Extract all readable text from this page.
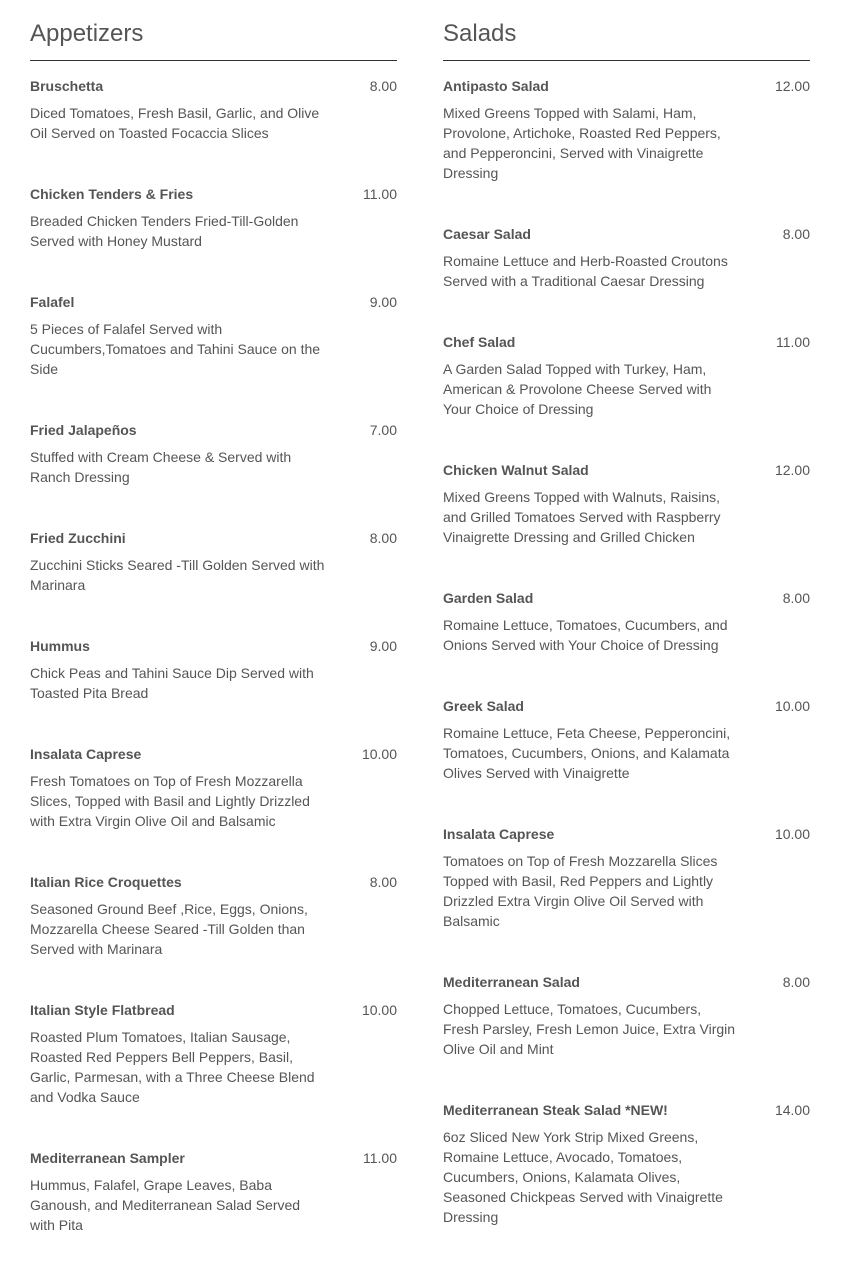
Appetizers
Bruschetta	8.00
Diced Tomatoes, Fresh Basil, Garlic, and Olive Oil Served on Toasted Focaccia Slices
Chicken Tenders & Fries	11.00
Breaded Chicken Tenders Fried-Till-Golden Served with Honey Mustard
Falafel	9.00
5 Pieces of Falafel Served with Cucumbers,Tomatoes and Tahini Sauce on the Side
Fried Jalapeños	7.00
Stuffed with Cream Cheese & Served with Ranch Dressing
Fried Zucchini	8.00
Zucchini Sticks Seared -Till Golden Served with Marinara
Hummus	9.00
Chick Peas and Tahini Sauce Dip Served with Toasted Pita Bread
Insalata Caprese	10.00
Fresh Tomatoes on Top of Fresh Mozzarella Slices, Topped with Basil and Lightly Drizzled with Extra Virgin Olive Oil and Balsamic
Italian Rice Croquettes	8.00
Seasoned Ground Beef ,Rice, Eggs, Onions, Mozzarella Cheese Seared -Till Golden than Served with Marinara
Italian Style Flatbread	10.00
Roasted Plum Tomatoes, Italian Sausage, Roasted Red Peppers Bell Peppers, Basil, Garlic, Parmesan, with a Three Cheese Blend and Vodka Sauce
Mediterranean Sampler	11.00
Hummus, Falafel, Grape Leaves, Baba Ganoush, and Mediterranean Salad Served with Pita
Salads
Antipasto Salad	12.00
Mixed Greens Topped with Salami, Ham, Provolone, Artichoke, Roasted Red Peppers, and Pepperoncini, Served with Vinaigrette Dressing
Caesar Salad	8.00
Romaine Lettuce and Herb-Roasted Croutons Served with a Traditional Caesar Dressing
Chef Salad	11.00
A Garden Salad Topped with Turkey, Ham, American & Provolone Cheese Served with Your Choice of Dressing
Chicken Walnut Salad	12.00
Mixed Greens Topped with Walnuts, Raisins, and Grilled Tomatoes Served with Raspberry Vinaigrette Dressing and Grilled Chicken
Garden Salad	8.00
Romaine Lettuce, Tomatoes, Cucumbers, and Onions Served with Your Choice of Dressing
Greek Salad	10.00
Romaine Lettuce, Feta Cheese, Pepperoncini, Tomatoes, Cucumbers, Onions, and Kalamata Olives Served with Vinaigrette
Insalata Caprese	10.00
Tomatoes on Top of Fresh Mozzarella Slices Topped with Basil, Red Peppers and Lightly Drizzled Extra Virgin Olive Oil Served with Balsamic
Mediterranean Salad	8.00
Chopped Lettuce, Tomatoes, Cucumbers, Fresh Parsley, Fresh Lemon Juice, Extra Virgin Olive Oil and Mint
Mediterranean Steak Salad *NEW!	14.00
6oz Sliced New York Strip Mixed Greens, Romaine Lettuce, Avocado, Tomatoes, Cucumbers, Onions, Kalamata Olives, Seasoned Chickpeas Served with Vinaigrette Dressing
